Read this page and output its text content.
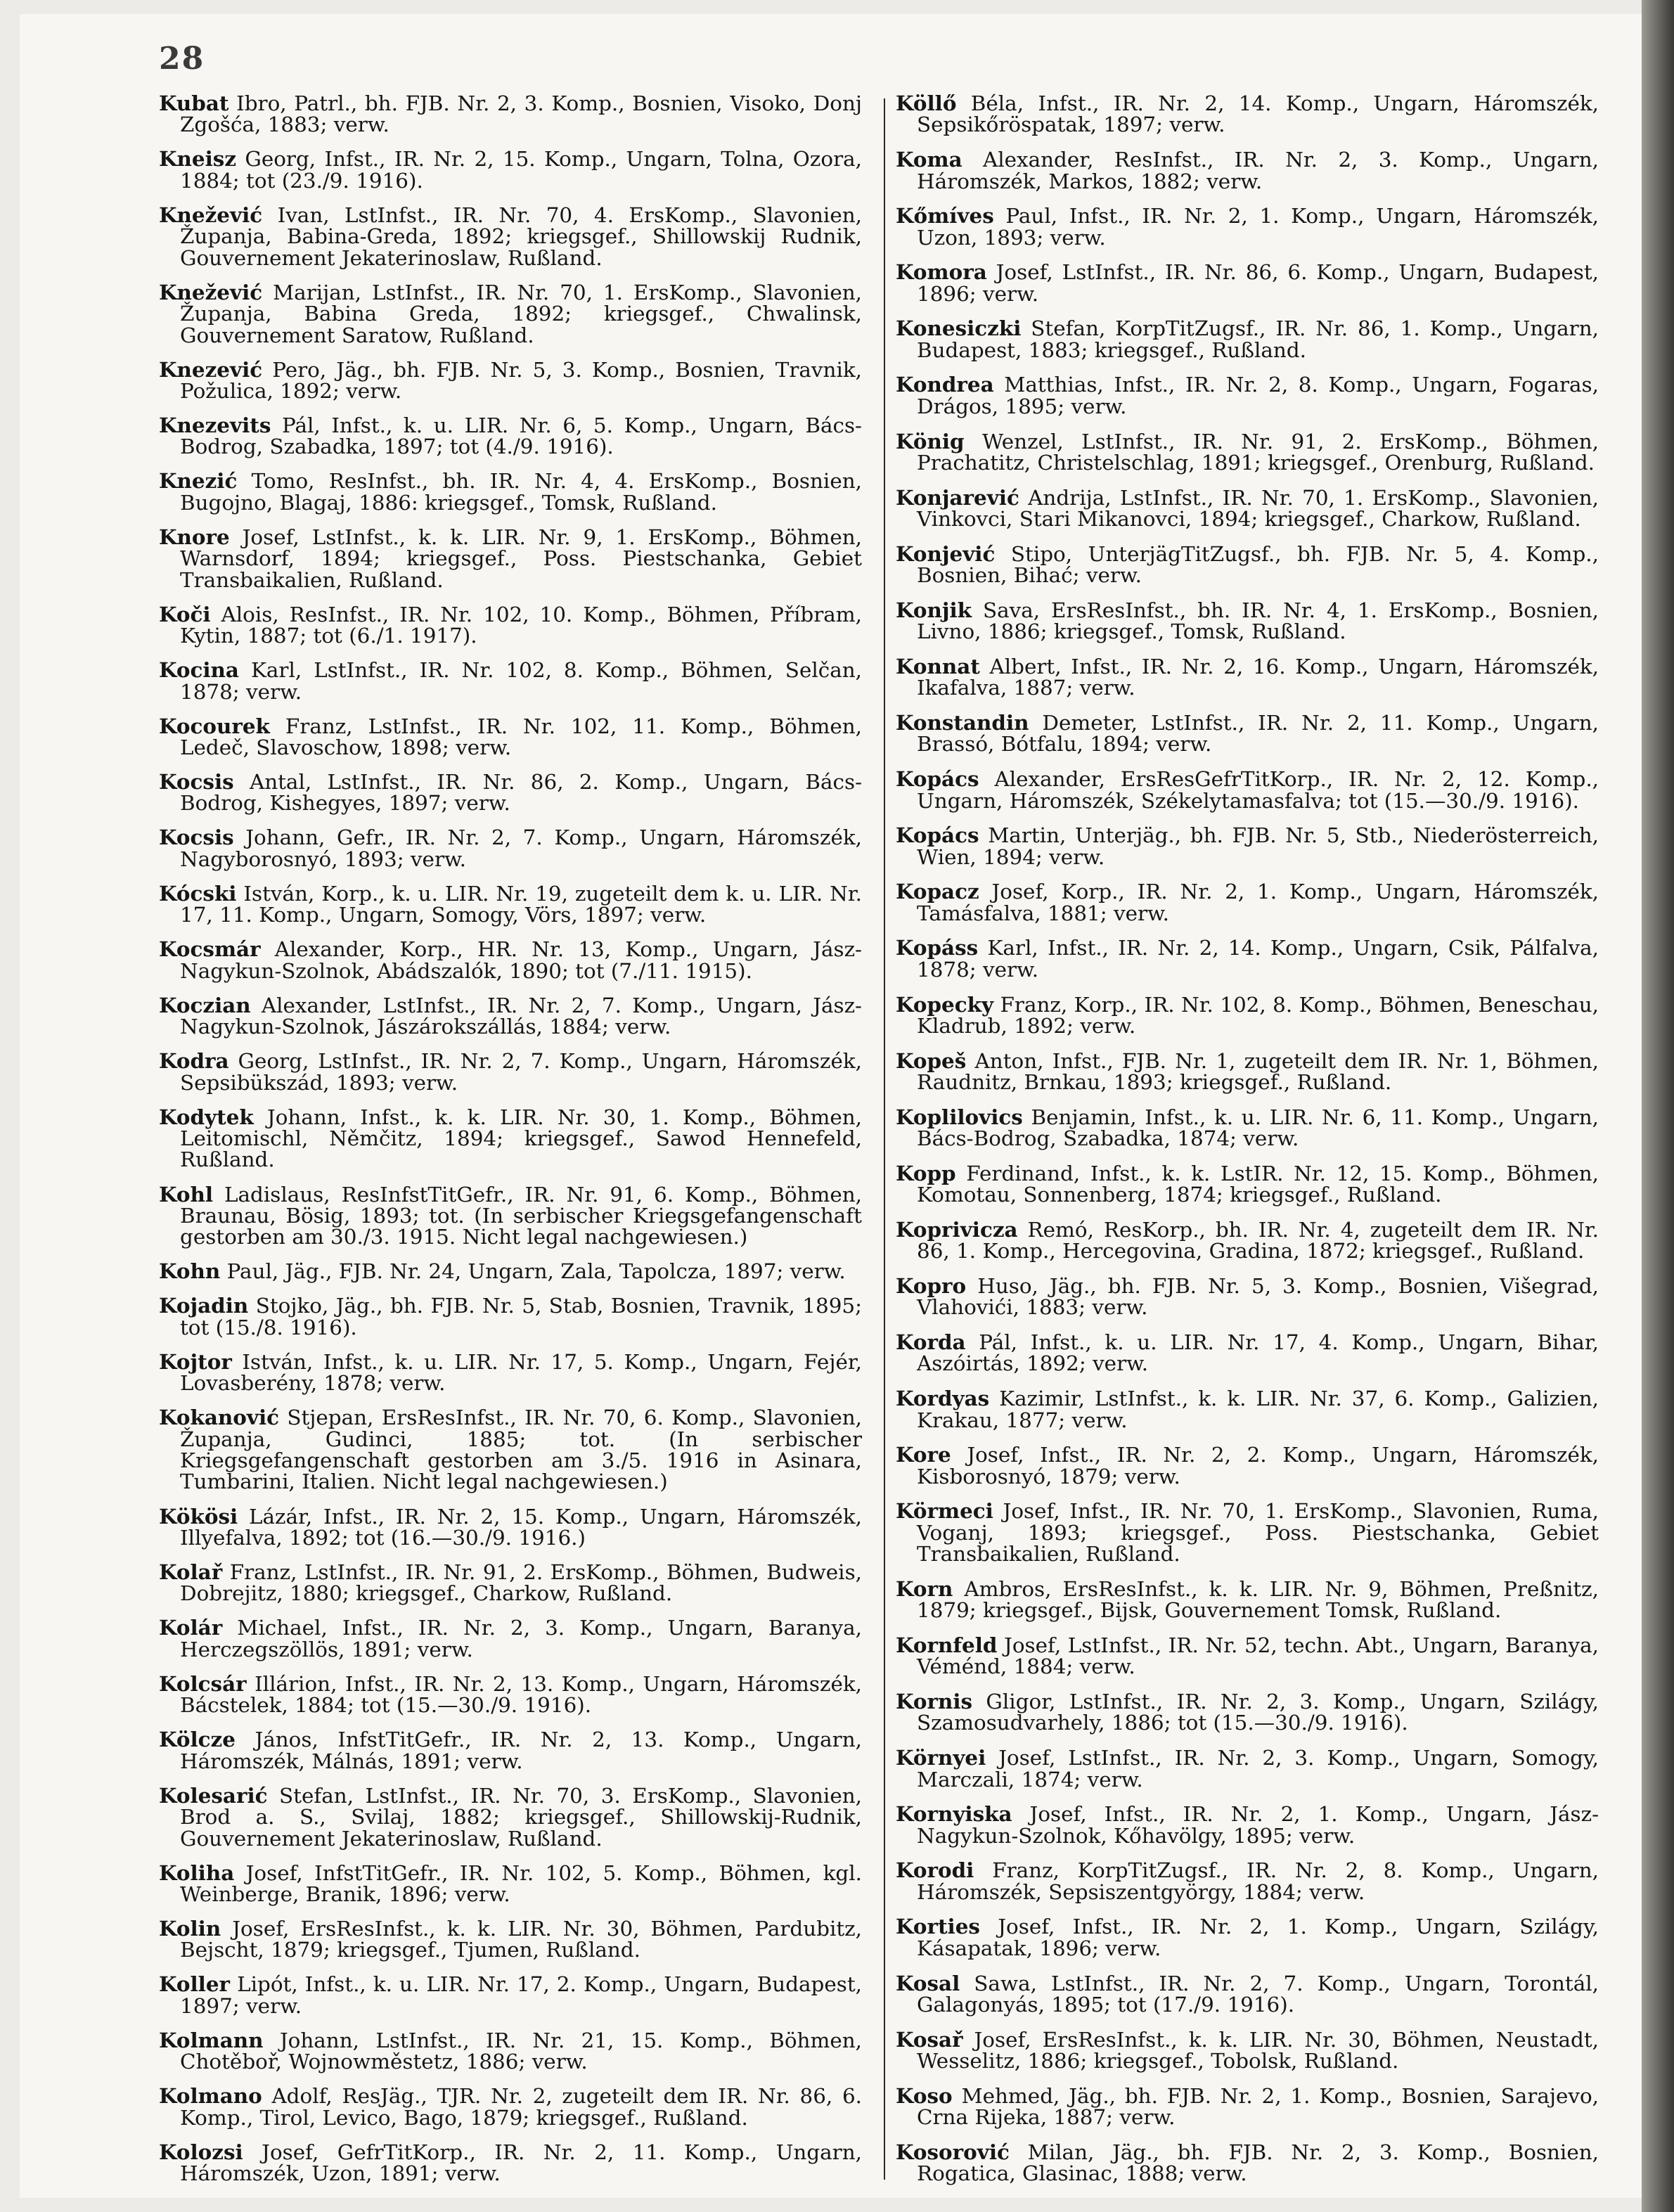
28

Kubat Ibro, Patrl., bh. FJB. Nr. 2, 3. Komp., Bosnien, Visoko, Donj Zgošća, 1883; verw.

Kneisz Georg, Infst., IR. Nr. 2, 15. Komp., Ungarn, Tolna, Ozora, 1884; tot (23./9. 1916).

Knežević Ivan, LstInfst., IR. Nr. 70, 4. ErsKomp., Slavonien, Županja, Babina-Greda, 1892; kriegsgef., Shillowskij Rudnik, Gouvernement Jekaterinoslaw, Rußland.

Knežević Marijan, LstInfst., IR. Nr. 70, 1. ErsKomp., Slavonien, Županja, Babina Greda, 1892; kriegsgef., Chwalinsk, Gouvernement Saratow, Rußland.

Knezević Pero, Jäg., bh. FJB. Nr. 5, 3. Komp., Bosnien, Travnik, Požulica, 1892; verw.

Knezevits Pál, Infst., k. u. LIR. Nr. 6, 5. Komp., Ungarn, Bács-Bodrog, Szabadka, 1897; tot (4./9. 1916).

Knezić Tomo, ResInfst., bh. IR. Nr. 4, 4. ErsKomp., Bosnien, Bugojno, Blagaj, 1886: kriegsgef., Tomsk, Rußland.

Knore Josef, LstInfst., k. k. LIR. Nr. 9, 1. ErsKomp., Böhmen, Warnsdorf, 1894; kriegsgef., Poss. Piestschanka, Gebiet Transbaikalien, Rußland.

Koči Alois, ResInfst., IR. Nr. 102, 10. Komp., Böhmen, Příbram, Kytin, 1887; tot (6./1. 1917).

Kocina Karl, LstInfst., IR. Nr. 102, 8. Komp., Böhmen, Selčan, 1878; verw.

Kocourek Franz, LstInfst., IR. Nr. 102, 11. Komp., Böhmen, Ledeč, Slavoschow, 1898; verw.

Kocsis Antal, LstInfst., IR. Nr. 86, 2. Komp., Ungarn, Bács-Bodrog, Kishegyes, 1897; verw.

Kocsis Johann, Gefr., IR. Nr. 2, 7. Komp., Ungarn, Háromszék, Nagyborosnyó, 1893; verw.

Kócski István, Korp., k. u. LIR. Nr. 19, zugeteilt dem k. u. LIR. Nr. 17, 11. Komp., Ungarn, Somogy, Vörs, 1897; verw.

Kocsmár Alexander, Korp., HR. Nr. 13, Komp., Ungarn, Jász-Nagykun-Szolnok, Abádszalók, 1890; tot (7./11. 1915).

Koczian Alexander, LstInfst., IR. Nr. 2, 7. Komp., Ungarn, Jász-Nagykun-Szolnok, Jászárokszállás, 1884; verw.

Kodra Georg, LstInfst., IR. Nr. 2, 7. Komp., Ungarn, Háromszék, Sepsibükszád, 1893; verw.

Kodytek Johann, Infst., k. k. LIR. Nr. 30, 1. Komp., Böhmen, Leitomischl, Němčitz, 1894; kriegsgef., Sawod Hennefeld, Rußland.

Kohl Ladislaus, ResInfstTitGefr., IR. Nr. 91, 6. Komp., Böhmen, Braunau, Bösig, 1893; tot. (In serbischer Kriegsgefangenschaft gestorben am 30./3. 1915. Nicht legal nachgewiesen.)

Kohn Paul, Jäg., FJB. Nr. 24, Ungarn, Zala, Tapolcza, 1897; verw.

Kojadin Stojko, Jäg., bh. FJB. Nr. 5, Stab, Bosnien, Travnik, 1895; tot (15./8. 1916).

Kojtor István, Infst., k. u. LIR. Nr. 17, 5. Komp., Ungarn, Fejér, Lovasberény, 1878; verw.

Kokanović Stjepan, ErsResInfst., IR. Nr. 70, 6. Komp., Slavonien, Županja, Gudinci, 1885; tot. (In serbischer Kriegsgefangenschaft gestorben am 3./5. 1916 in Asinara, Tumbarini, Italien. Nicht legal nachgewiesen.)

Kökösi Lázár, Infst., IR. Nr. 2, 15. Komp., Ungarn, Háromszék, Illyefalva, 1892; tot (16.—30./9. 1916.)

Kolař Franz, LstInfst., IR. Nr. 91, 2. ErsKomp., Böhmen, Budweis, Dobrejitz, 1880; kriegsgef., Charkow, Rußland.

Kolár Michael, Infst., IR. Nr. 2, 3. Komp., Ungarn, Baranya, Herczegszöllös, 1891; verw.

Kolcsár Illárion, Infst., IR. Nr. 2, 13. Komp., Ungarn, Háromszék, Bácstelek, 1884; tot (15.—30./9. 1916).

Kölcze János, InfstTitGefr., IR. Nr. 2, 13. Komp., Ungarn, Háromszék, Málnás, 1891; verw.

Kolesarić Stefan, LstInfst., IR. Nr. 70, 3. ErsKomp., Slavonien, Brod a. S., Svilaj, 1882; kriegsgef., Shillowskij-Rudnik, Gouvernement Jekaterinoslaw, Rußland.

Koliha Josef, InfstTitGefr., IR. Nr. 102, 5. Komp., Böhmen, kgl. Weinberge, Branik, 1896; verw.

Kolin Josef, ErsResInfst., k. k. LIR. Nr. 30, Böhmen, Pardubitz, Bejscht, 1879; kriegsgef., Tjumen, Rußland.

Koller Lipót, Infst., k. u. LIR. Nr. 17, 2. Komp., Ungarn, Budapest, 1897; verw.

Kolmann Johann, LstInfst., IR. Nr. 21, 15. Komp., Böhmen, Chotěboř, Wojnowměstetz, 1886; verw.

Kolmano Adolf, ResJäg., TJR. Nr. 2, zugeteilt dem IR. Nr. 86, 6. Komp., Tirol, Levico, Bago, 1879; kriegsgef., Rußland.

Kolozsi Josef, GefrTitKorp., IR. Nr. 2, 11. Komp., Ungarn, Háromszék, Uzon, 1891; verw.

Köllő Béla, Infst., IR. Nr. 2, 14. Komp., Ungarn, Háromszék, Sepsikőröspatak, 1897; verw.

Koma Alexander, ResInfst., IR. Nr. 2, 3. Komp., Ungarn, Háromszék, Markos, 1882; verw.

Kőmíves Paul, Infst., IR. Nr. 2, 1. Komp., Ungarn, Háromszék, Uzon, 1893; verw.

Komora Josef, LstInfst., IR. Nr. 86, 6. Komp., Ungarn, Budapest, 1896; verw.

Konesiczki Stefan, KorpTitZugsf., IR. Nr. 86, 1. Komp., Ungarn, Budapest, 1883; kriegsgef., Rußland.

Kondrea Matthias, Infst., IR. Nr. 2, 8. Komp., Ungarn, Fogaras, Drágos, 1895; verw.

König Wenzel, LstInfst., IR. Nr. 91, 2. ErsKomp., Böhmen, Prachatitz, Christelschlag, 1891; kriegsgef., Orenburg, Rußland.

Konjarević Andrija, LstInfst., IR. Nr. 70, 1. ErsKomp., Slavonien, Vinkovci, Stari Mikanovci, 1894; kriegsgef., Charkow, Rußland.

Konjević Stipo, UnterjägTitZugsf., bh. FJB. Nr. 5, 4. Komp., Bosnien, Bihać; verw.

Konjik Sava, ErsResInfst., bh. IR. Nr. 4, 1. ErsKomp., Bosnien, Livno, 1886; kriegsgef., Tomsk, Rußland.

Konnat Albert, Infst., IR. Nr. 2, 16. Komp., Ungarn, Háromszék, Ikafalva, 1887; verw.

Konstandin Demeter, LstInfst., IR. Nr. 2, 11. Komp., Ungarn, Brassó, Bótfalu, 1894; verw.

Kopács Alexander, ErsResGefrTitKorp., IR. Nr. 2, 12. Komp., Ungarn, Háromszék, Székelytamasfalva; tot (15.—30./9. 1916).

Kopács Martin, Unterjäg., bh. FJB. Nr. 5, Stb., Niederösterreich, Wien, 1894; verw.

Kopacz Josef, Korp., IR. Nr. 2, 1. Komp., Ungarn, Háromszék, Tamásfalva, 1881; verw.

Kopáss Karl, Infst., IR. Nr. 2, 14. Komp., Ungarn, Csik, Pálfalva, 1878; verw.

Kopecky Franz, Korp., IR. Nr. 102, 8. Komp., Böhmen, Beneschau, Kladrub, 1892; verw.

Kopeš Anton, Infst., FJB. Nr. 1, zugeteilt dem IR. Nr. 1, Böhmen, Raudnitz, Brnkau, 1893; kriegsgef., Rußland.

Koplilovics Benjamin, Infst., k. u. LIR. Nr. 6, 11. Komp., Ungarn, Bács-Bodrog, Szabadka, 1874; verw.

Kopp Ferdinand, Infst., k. k. LstIR. Nr. 12, 15. Komp., Böhmen, Komotau, Sonnenberg, 1874; kriegsgef., Rußland.

Koprivicza Remó, ResKorp., bh. IR. Nr. 4, zugeteilt dem IR. Nr. 86, 1. Komp., Hercegovina, Gradina, 1872; kriegsgef., Rußland.

Kopro Huso, Jäg., bh. FJB. Nr. 5, 3. Komp., Bosnien, Višegrad, Vlahovići, 1883; verw.

Korda Pál, Infst., k. u. LIR. Nr. 17, 4. Komp., Ungarn, Bihar, Aszóirtás, 1892; verw.

Kordyas Kazimir, LstInfst., k. k. LIR. Nr. 37, 6. Komp., Galizien, Krakau, 1877; verw.

Kore Josef, Infst., IR. Nr. 2, 2. Komp., Ungarn, Háromszék, Kisborosnyó, 1879; verw.

Körmeci Josef, Infst., IR. Nr. 70, 1. ErsKomp., Slavonien, Ruma, Voganj, 1893; kriegsgef., Poss. Piestschanka, Gebiet Transbaikalien, Rußland.

Korn Ambros, ErsResInfst., k. k. LIR. Nr. 9, Böhmen, Preßnitz, 1879; kriegsgef., Bijsk, Gouvernement Tomsk, Rußland.

Kornfeld Josef, LstInfst., IR. Nr. 52, techn. Abt., Ungarn, Baranya, Véménd, 1884; verw.

Kornis Gligor, LstInfst., IR. Nr. 2, 3. Komp., Ungarn, Szilágy, Szamosudvarhely, 1886; tot (15.—30./9. 1916).

Környei Josef, LstInfst., IR. Nr. 2, 3. Komp., Ungarn, Somogy, Marczali, 1874; verw.

Kornyiska Josef, Infst., IR. Nr. 2, 1. Komp., Ungarn, Jász-Nagykun-Szolnok, Kőhavölgy, 1895; verw.

Korodi Franz, KorpTitZugsf., IR. Nr. 2, 8. Komp., Ungarn, Háromszék, Sepsiszentgyörgy, 1884; verw.

Korties Josef, Infst., IR. Nr. 2, 1. Komp., Ungarn, Szilágy, Kásapatak, 1896; verw.

Kosal Sawa, LstInfst., IR. Nr. 2, 7. Komp., Ungarn, Torontál, Galagonyás, 1895; tot (17./9. 1916).

Kosař Josef, ErsResInfst., k. k. LIR. Nr. 30, Böhmen, Neustadt, Wesselitz, 1886; kriegsgef., Tobolsk, Rußland.

Koso Mehmed, Jäg., bh. FJB. Nr. 2, 1. Komp., Bosnien, Sarajevo, Crna Rijeka, 1887; verw.

Kosorović Milan, Jäg., bh. FJB. Nr. 2, 3. Komp., Bosnien, Rogatica, Glasinac, 1888; verw.
